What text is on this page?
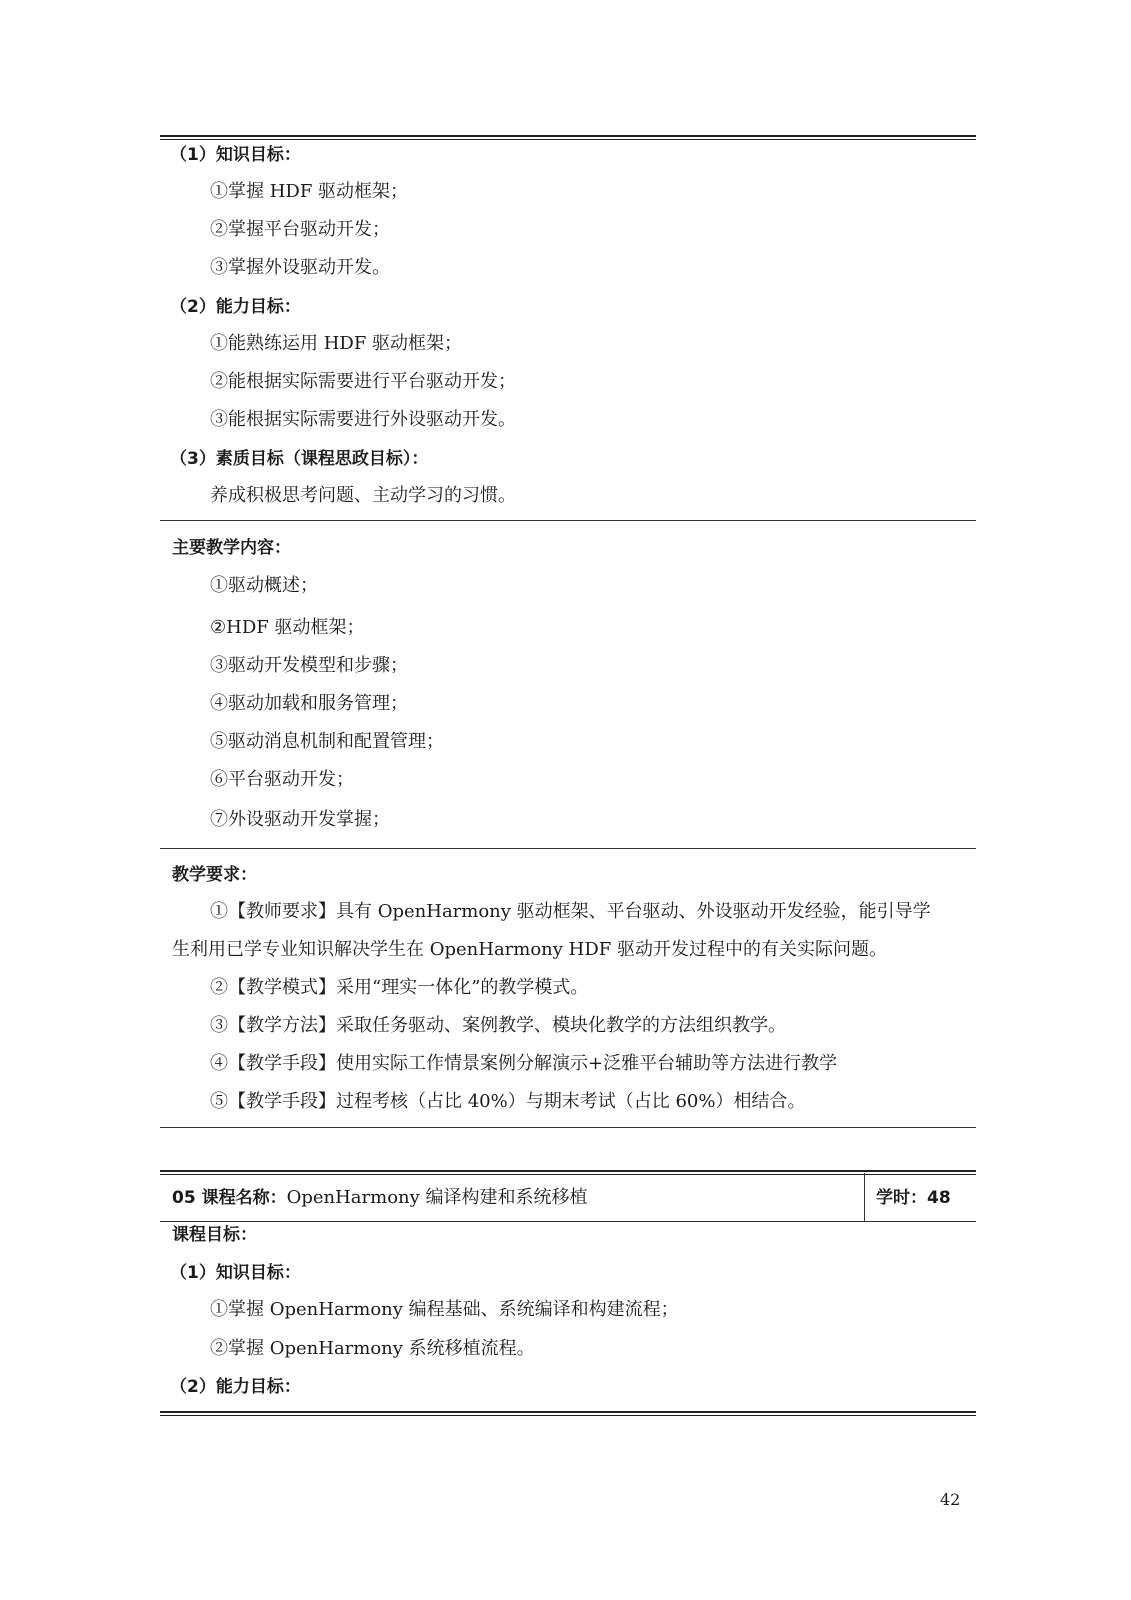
（1）知识目标：
①掌握 HDF 驱动框架；
②掌握平台驱动开发；
③掌握外设驱动开发。
（2）能力目标：
①能熟练运用 HDF 驱动框架；
②能根据实际需要进行平台驱动开发；
③能根据实际需要进行外设驱动开发。
（3）素质目标（课程思政目标）：
养成积极思考问题、主动学习的习惯。
主要教学内容：
①驱动概述；
②HDF 驱动框架；
③驱动开发模型和步骤；
④驱动加载和服务管理；
⑤驱动消息机制和配置管理；
⑥平台驱动开发；
⑦外设驱动开发掌握；
教学要求：
①【教师要求】具有 OpenHarmony 驱动框架、平台驱动、外设驱动开发经验，能引导学
生利用已学专业知识解决学生在 OpenHarmony HDF 驱动开发过程中的有关实际问题。
②【教学模式】采用“理实一体化”的教学模式。
③【教学方法】采取任务驱动、案例教学、模块化教学的方法组织教学。
④【教学手段】使用实际工作情景案例分解演示+泛雅平台辅助等方法进行教学
⑤【教学手段】过程考核（占比 40%）与期末考试（占比 60%）相结合。
05 课程名称：OpenHarmony 编译构建和系统移植	学时：48
课程目标：
（1）知识目标：
①掌握 OpenHarmony 编程基础、系统编译和构建流程；
②掌握 OpenHarmony 系统移植流程。
（2）能力目标：
42
